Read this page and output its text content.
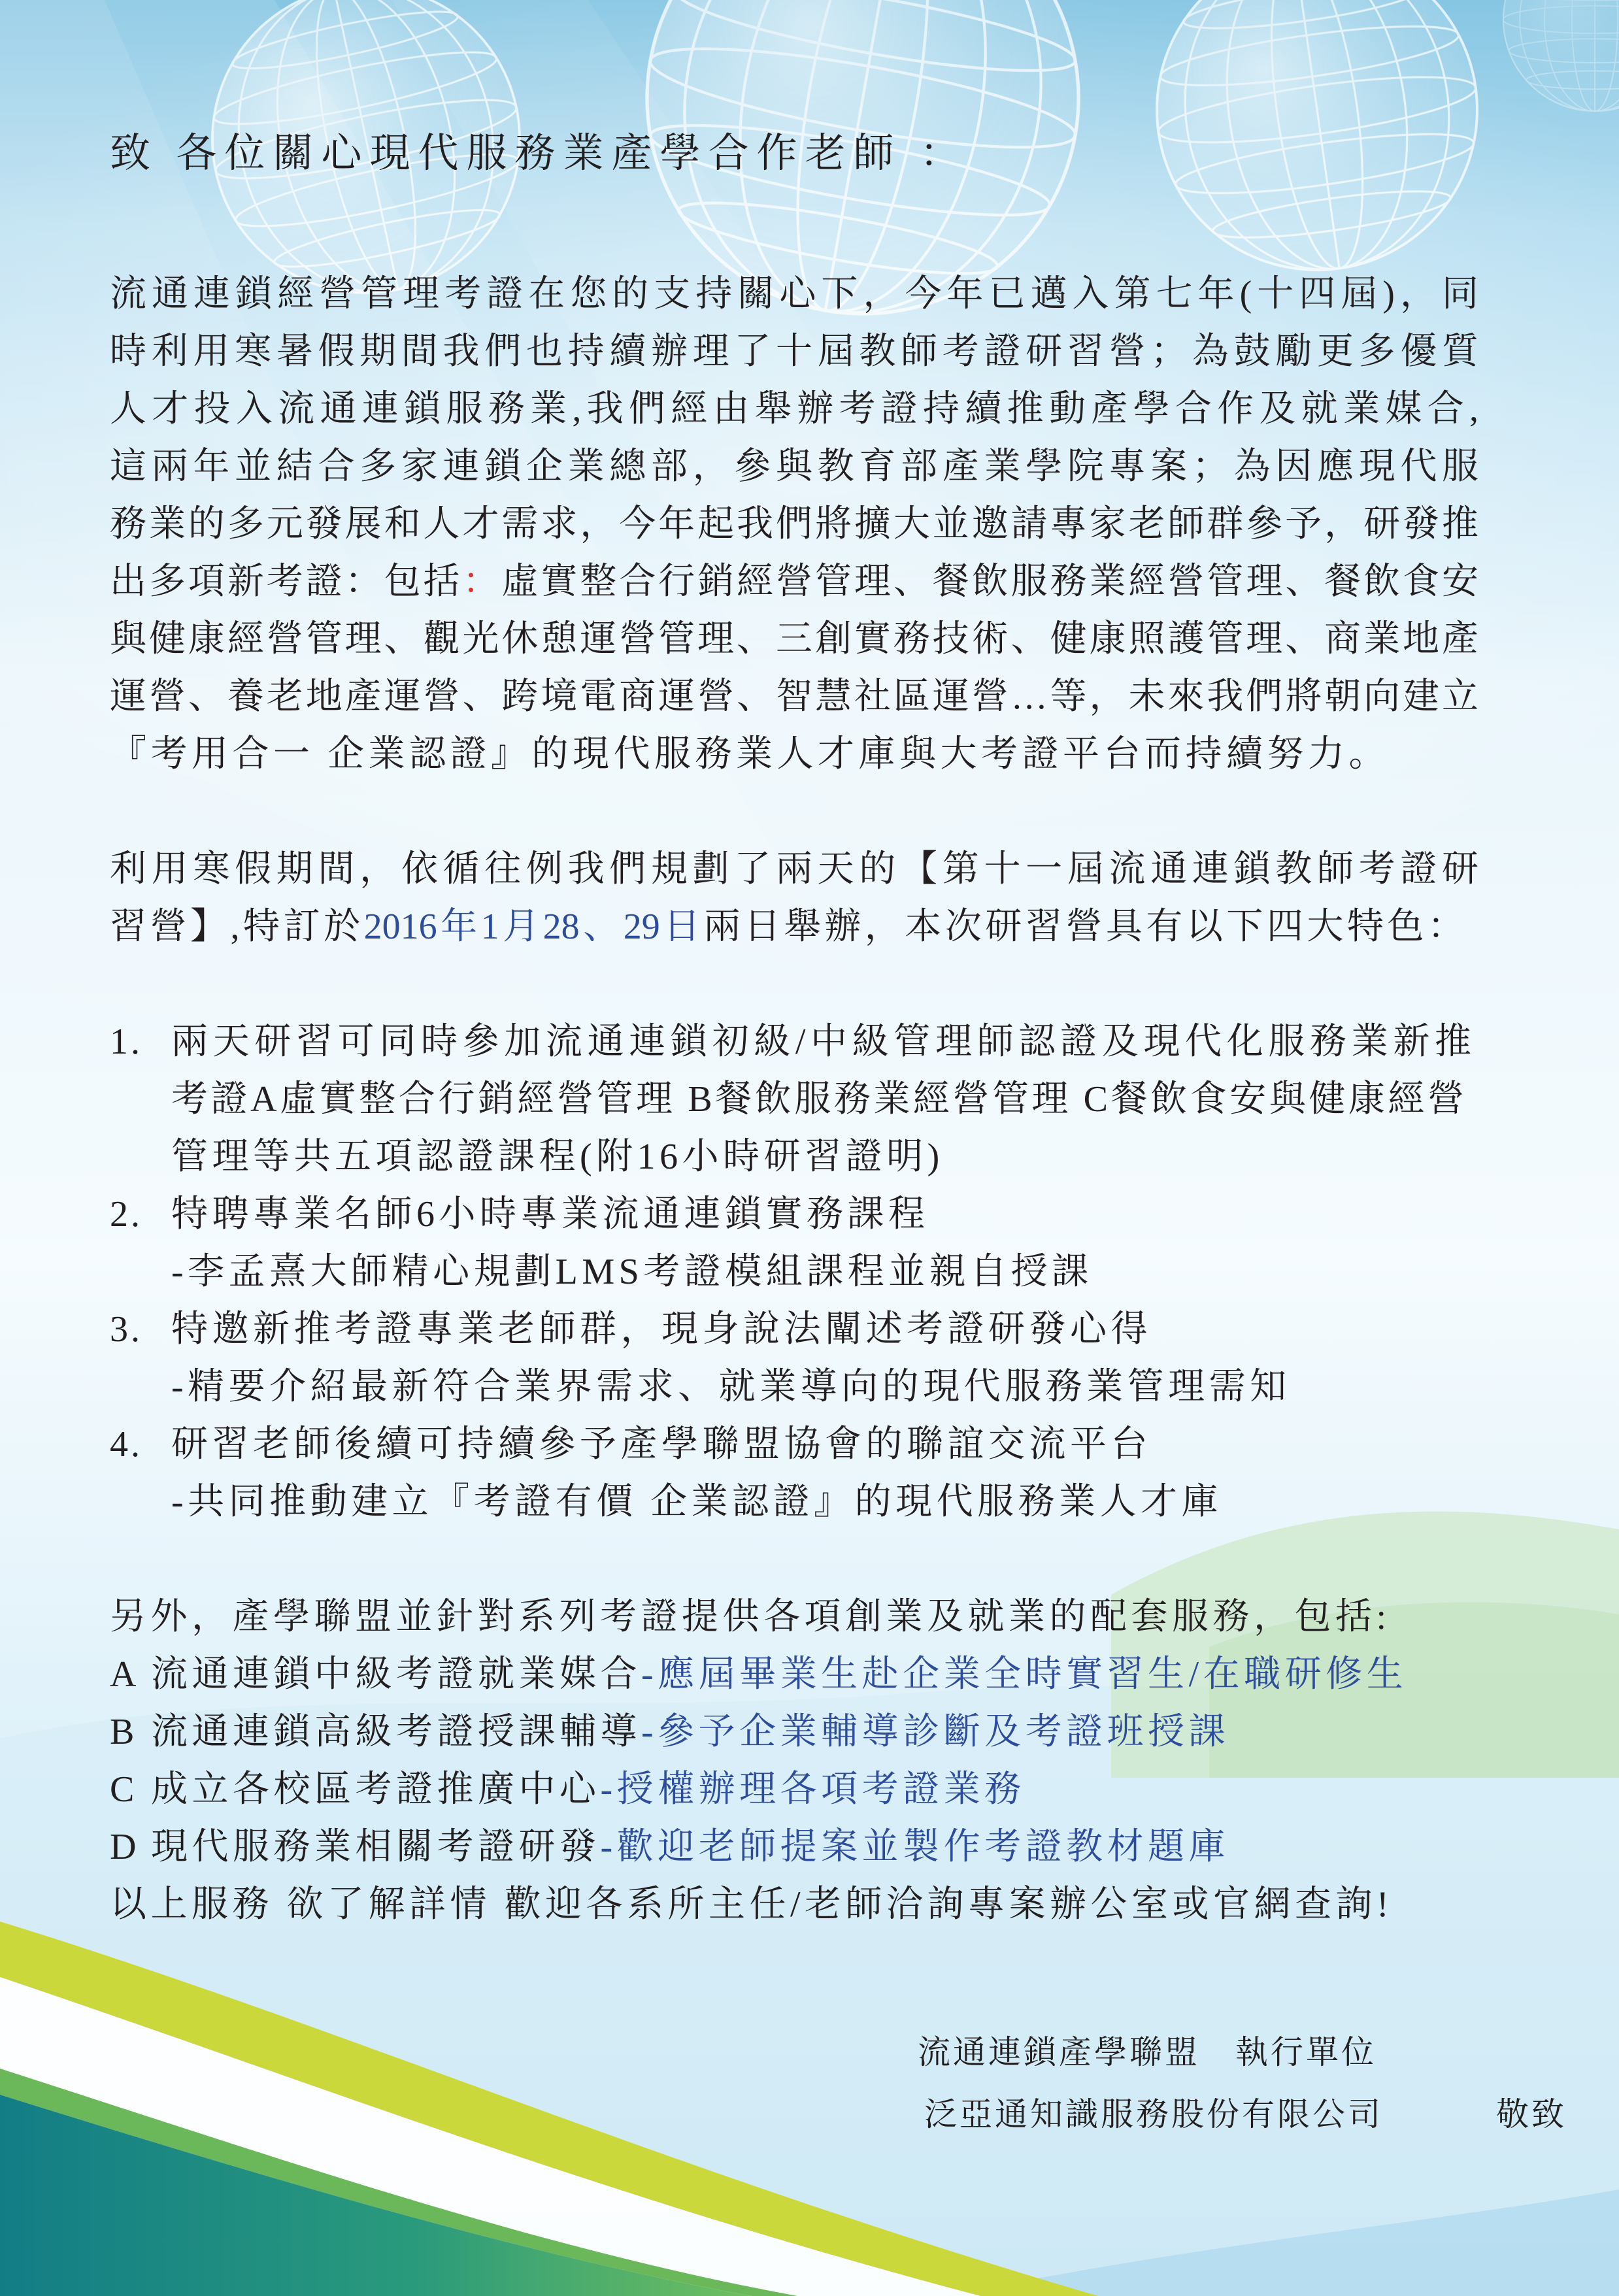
致 各位關心現代服務業產學合作老師 ：
流通連鎖經營管理考證在您的支持關心下，今年已邁入第七年(十四屆)，同
時利用寒暑假期間我們也持續辦理了十屆教師考證研習營；為鼓勵更多優質
人才投入流通連鎖服務業,我們經由舉辦考證持續推動產學合作及就業媒合,
這兩年並結合多家連鎖企業總部，參與教育部產業學院專案；為因應現代服
務業的多元發展和人才需求，今年起我們將擴大並邀請專家老師群參予，研發推
出多項新考證：包括：虛實整合行銷經營管理、餐飲服務業經營管理、餐飲食安
與健康經營管理、觀光休憩運營管理、三創實務技術、健康照護管理、商業地產
運營、養老地產運營、跨境電商運營、智慧社區運營…等，未來我們將朝向建立
『考用合一 企業認證』的現代服務業人才庫與大考證平台而持續努力。
利用寒假期間，依循往例我們規劃了兩天的【第十一屆流通連鎖教師考證研
習營】,特訂於2016年1月28、29日兩日舉辦，本次研習營具有以下四大特色：
1. 兩天研習可同時參加流通連鎖初級/中級管理師認證及現代化服務業新推
考證A虛實整合行銷經營管理 B餐飲服務業經營管理 C餐飲食安與健康經營
管理等共五項認證課程(附16小時研習證明)
2. 特聘專業名師6小時專業流通連鎖實務課程
-李孟熹大師精心規劃LMS考證模組課程並親自授課
3. 特邀新推考證專業老師群，現身說法闡述考證研發心得
-精要介紹最新符合業界需求、就業導向的現代服務業管理需知
4. 研習老師後續可持續參予產學聯盟協會的聯誼交流平台
-共同推動建立『考證有價 企業認證』的現代服務業人才庫
另外，產學聯盟並針對系列考證提供各項創業及就業的配套服務，包括:
A 流通連鎖中級考證就業媒合-應屆畢業生赴企業全時實習生/在職研修生
B 流通連鎖高級考證授課輔導-參予企業輔導診斷及考證班授課
C 成立各校區考證推廣中心-授權辦理各項考證業務
D 現代服務業相關考證研發-歡迎老師提案並製作考證教材題庫
以上服務 欲了解詳情 歡迎各系所主任/老師洽詢專案辦公室或官網查詢!
流通連鎖產學聯盟　執行單位
泛亞通知識服務股份有限公司	敬致
